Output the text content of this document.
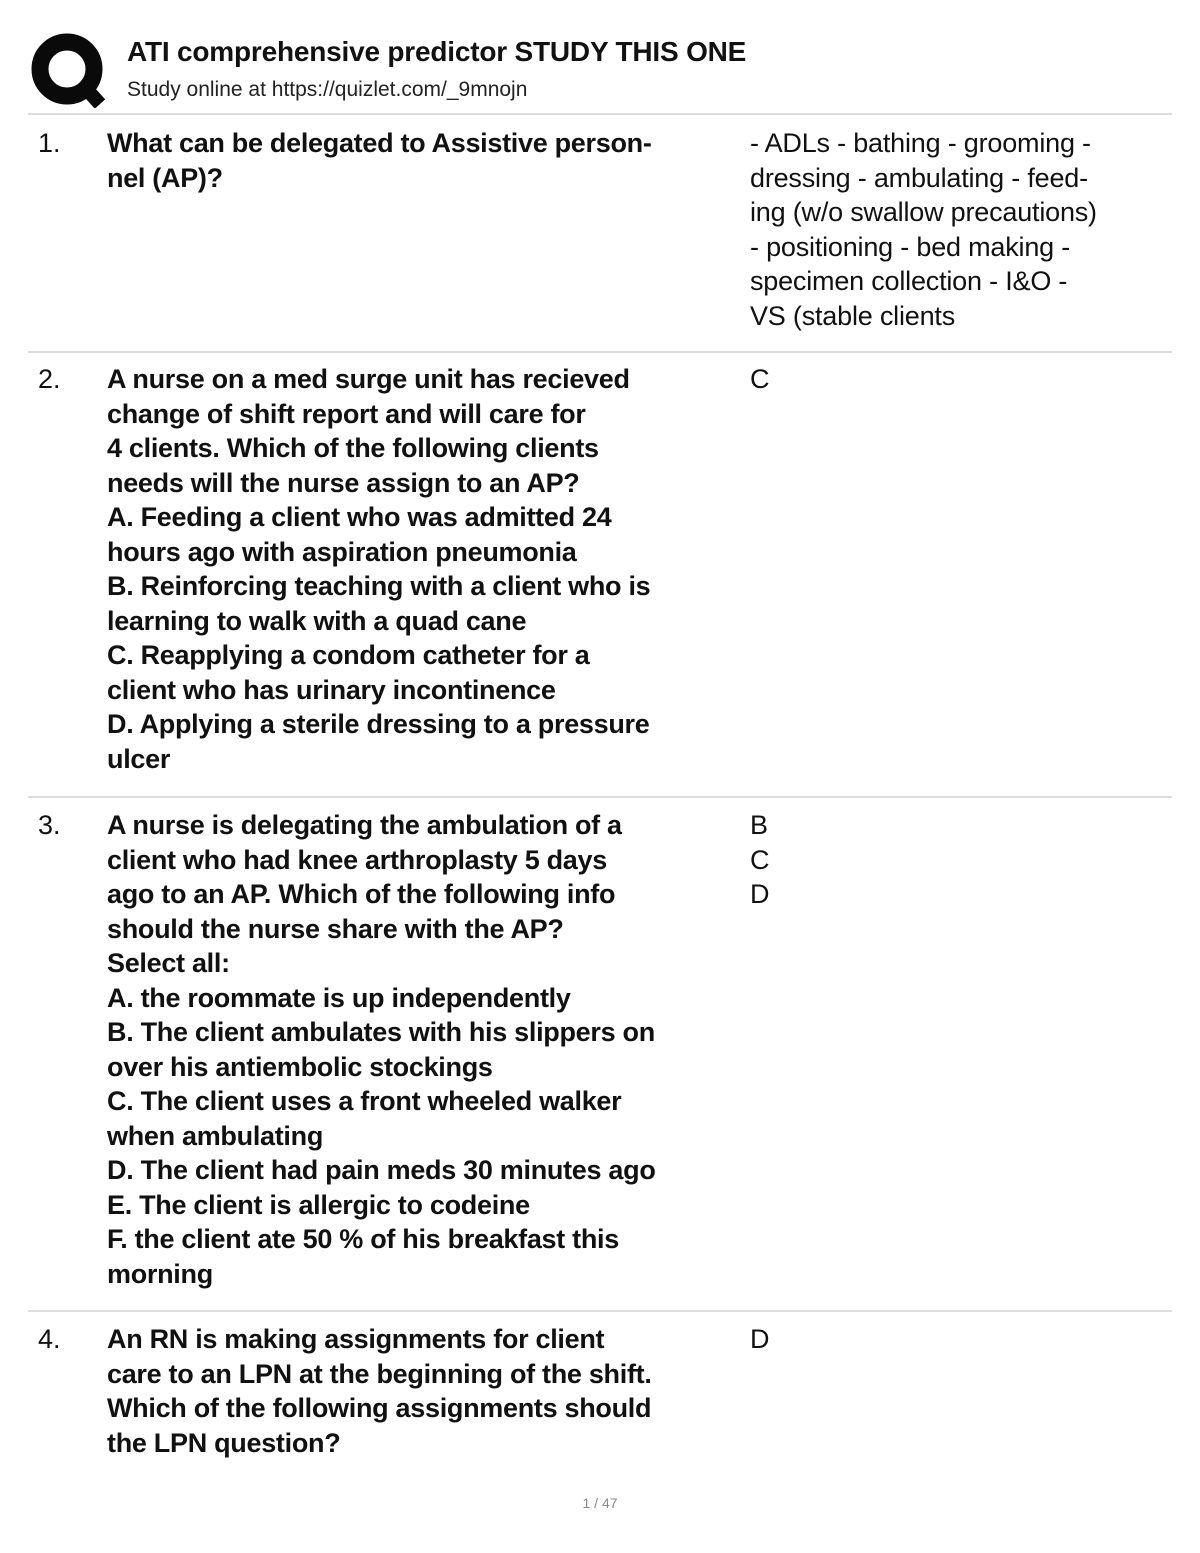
ATI comprehensive predictor STUDY THIS ONE
Study online at https://quizlet.com/_9mnojn
1. What can be delegated to Assistive person-
nel (AP)?
- ADLs - bathing - grooming -
dressing - ambulating - feed-
ing (w/o swallow precautions)
- positioning - bed making -
specimen collection - I&O -
VS (stable clients
2. A nurse on a med surge unit has recieved
change of shift report and will care for
4 clients. Which of the following clients
needs will the nurse assign to an AP?
A. Feeding a client who was admitted 24
hours ago with aspiration pneumonia
B. Reinforcing teaching with a client who is
learning to walk with a quad cane
C. Reapplying a condom catheter for a
client who has urinary incontinence
D. Applying a sterile dressing to a pressure
ulcer
C
3. A nurse is delegating the ambulation of a
client who had knee arthroplasty 5 days
ago to an AP. Which of the following info
should the nurse share with the AP?
Select all:
A. the roommate is up independently
B. The client ambulates with his slippers on
over his antiembolic stockings
C. The client uses a front wheeled walker
when ambulating
D. The client had pain meds 30 minutes ago
E. The client is allergic to codeine
F. the client ate 50 % of his breakfast this
morning
B
C
D
4. An RN is making assignments for client
care to an LPN at the beginning of the shift.
Which of the following assignments should
the LPN question?
D
1 / 47
